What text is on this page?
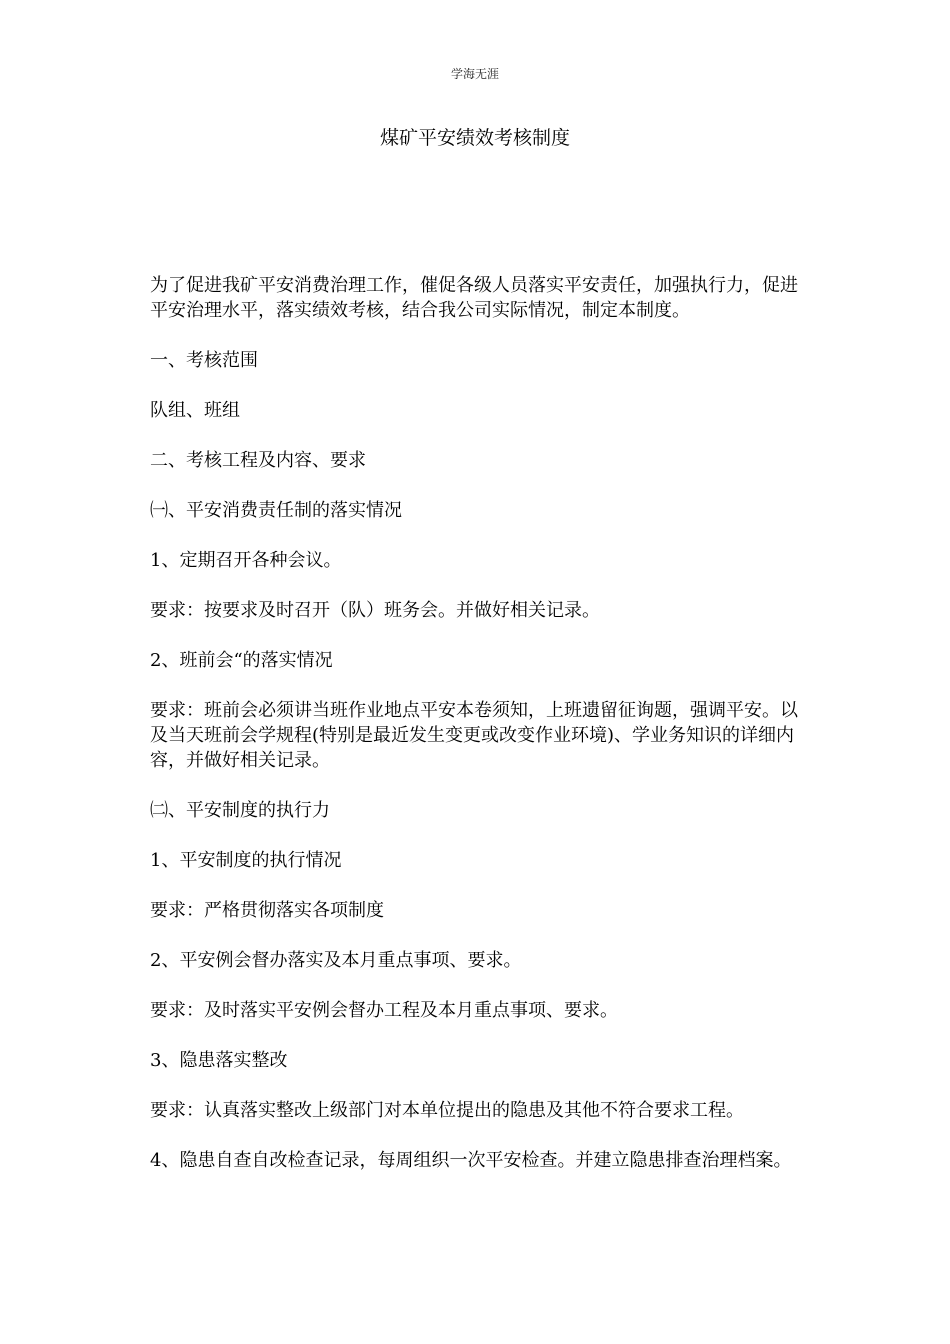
学海无涯
煤矿平安绩效考核制度

为了促进我矿平安消费治理工作，催促各级人员落实平安责任，加强执行力，促进平安治理水平，落实绩效考核，结合我公司实际情况，制定本制度。

一、考核范围

队组、班组

二、考核工程及内容、要求

㈠、平安消费责任制的落实情况

1、定期召开各种会议。

要求：按要求及时召开（队）班务会。并做好相关记录。

2、班前会“的落实情况

要求：班前会必须讲当班作业地点平安本卷须知，上班遗留征询题，强调平安。以及当天班前会学规程(特别是最近发生变更或改变作业环境)、学业务知识的详细内容，并做好相关记录。

㈡、平安制度的执行力

1、平安制度的执行情况

要求：严格贯彻落实各项制度

2、平安例会督办落实及本月重点事项、要求。

要求：及时落实平安例会督办工程及本月重点事项、要求。

3、隐患落实整改

要求：认真落实整改上级部门对本单位提出的隐患及其他不符合要求工程。

4、隐患自查自改检查记录，每周组织一次平安检查。并建立隐患排查治理档案。
